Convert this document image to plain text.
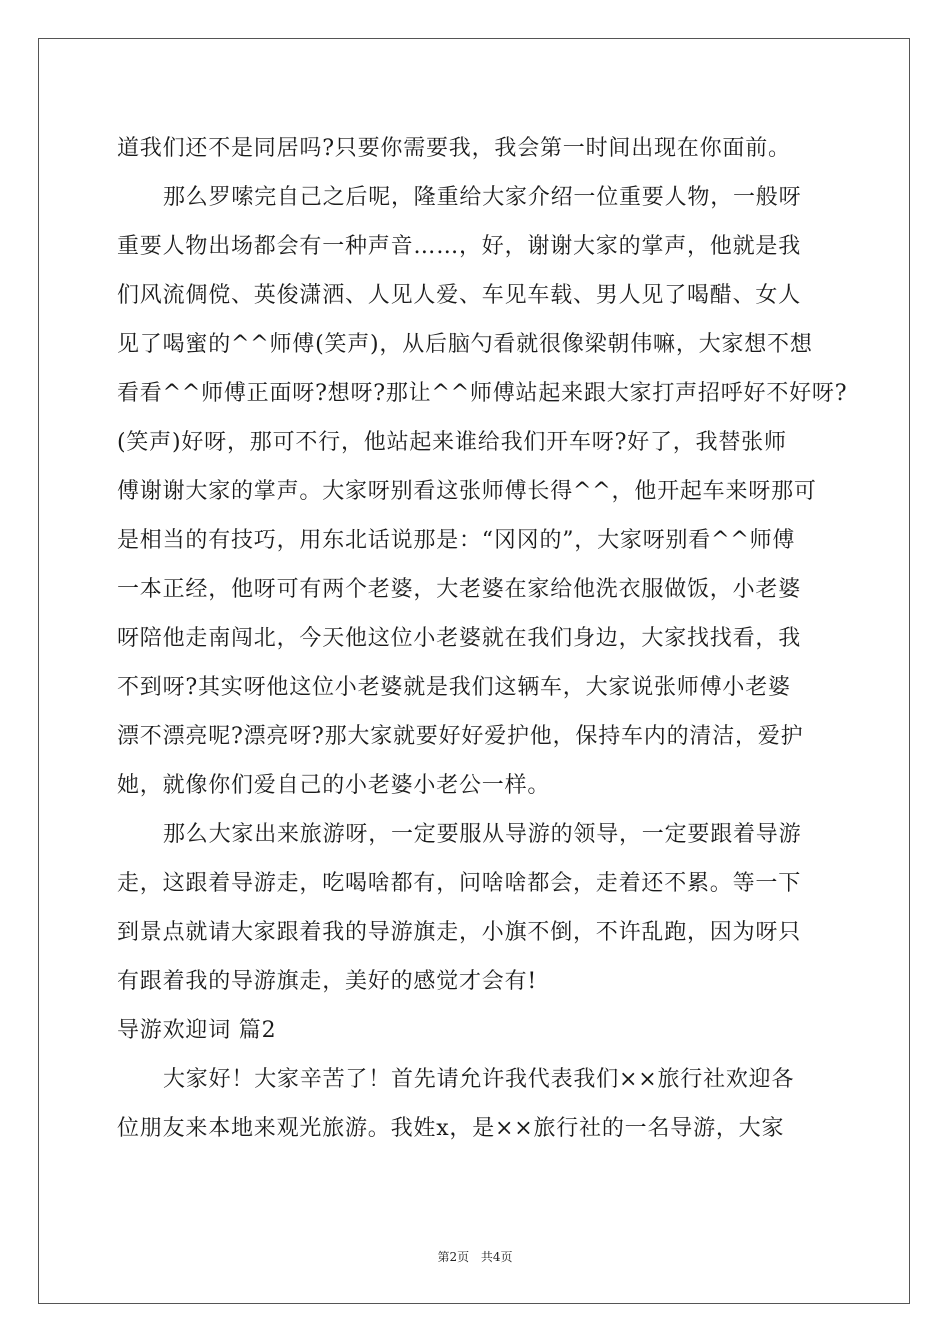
道我们还不是同居吗?只要你需要我，我会第一时间出现在你面前。
那么罗嗦完自己之后呢，隆重给大家介绍一位重要人物，一般呀
重要人物出场都会有一种声音……，好，谢谢大家的掌声，他就是我
们风流倜傥、英俊潇洒、人见人爱、车见车载、男人见了喝醋、女人
见了喝蜜的^^师傅(笑声)，从后脑勺看就很像梁朝伟嘛，大家想不想
看看^^师傅正面呀?想呀?那让^^师傅站起来跟大家打声招呼好不好呀?
(笑声)好呀，那可不行，他站起来谁给我们开车呀?好了，我替张师
傅谢谢大家的掌声。大家呀别看这张师傅长得^^，他开起车来呀那可
是相当的有技巧，用东北话说那是：“冈冈的”，大家呀别看^^师傅
一本正经，他呀可有两个老婆，大老婆在家给他洗衣服做饭，小老婆
呀陪他走南闯北，今天他这位小老婆就在我们身边，大家找找看，我
不到呀?其实呀他这位小老婆就是我们这辆车，大家说张师傅小老婆
漂不漂亮呢?漂亮呀?那大家就要好好爱护他，保持车内的清洁，爱护
她，就像你们爱自己的小老婆小老公一样。
那么大家出来旅游呀，一定要服从导游的领导，一定要跟着导游
走，这跟着导游走，吃喝啥都有，问啥啥都会，走着还不累。等一下
到景点就请大家跟着我的导游旗走，小旗不倒，不许乱跑，因为呀只
有跟着我的导游旗走，美好的感觉才会有!
导游欢迎词 篇2
大家好！大家辛苦了！首先请允许我代表我们××旅行社欢迎各
位朋友来本地来观光旅游。我姓x，是××旅行社的一名导游，大家
第2页 共4页
